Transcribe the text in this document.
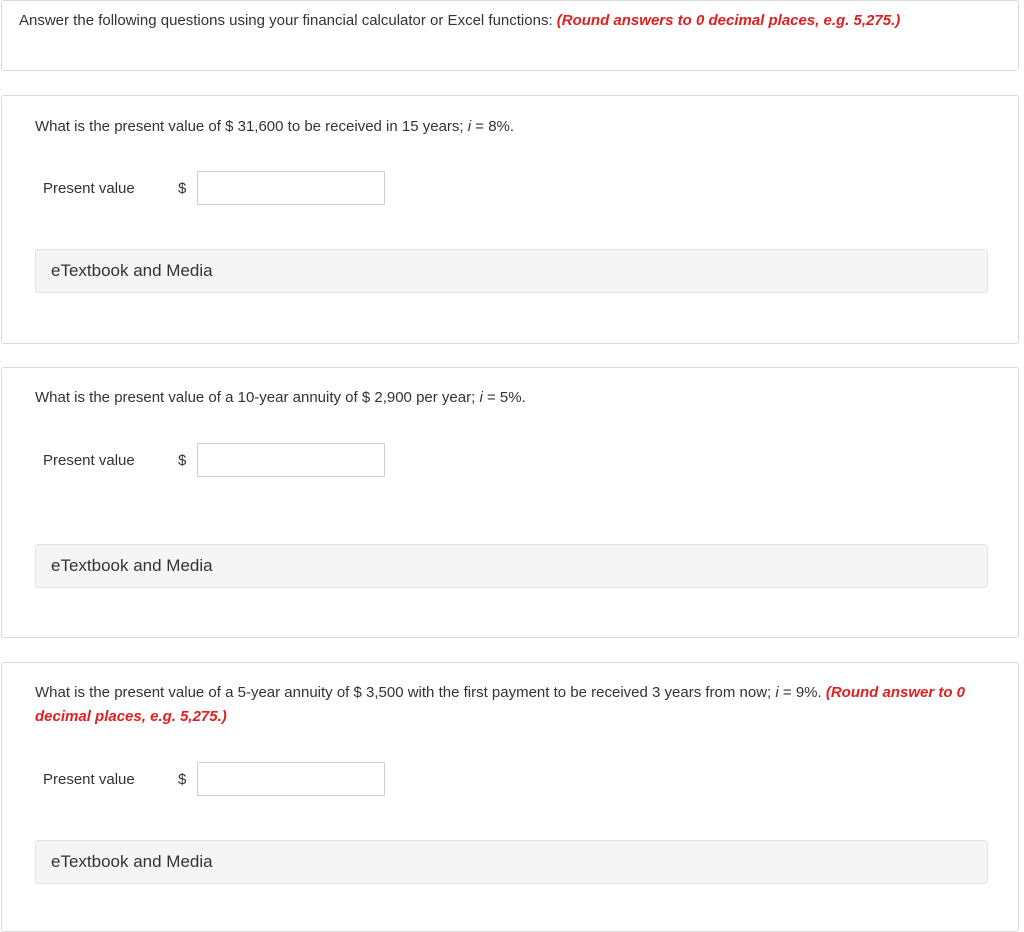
Answer the following questions using your financial calculator or Excel functions: (Round answers to 0 decimal places, e.g. 5,275.)
What is the present value of $ 31,600 to be received in 15 years; i = 8%.
Present value	$
eTextbook and Media
What is the present value of a 10-year annuity of $ 2,900 per year; i = 5%.
Present value	$
eTextbook and Media
What is the present value of a 5-year annuity of $ 3,500 with the first payment to be received 3 years from now; i = 9%. (Round answer to 0 decimal places, e.g. 5,275.)
Present value	$
eTextbook and Media
